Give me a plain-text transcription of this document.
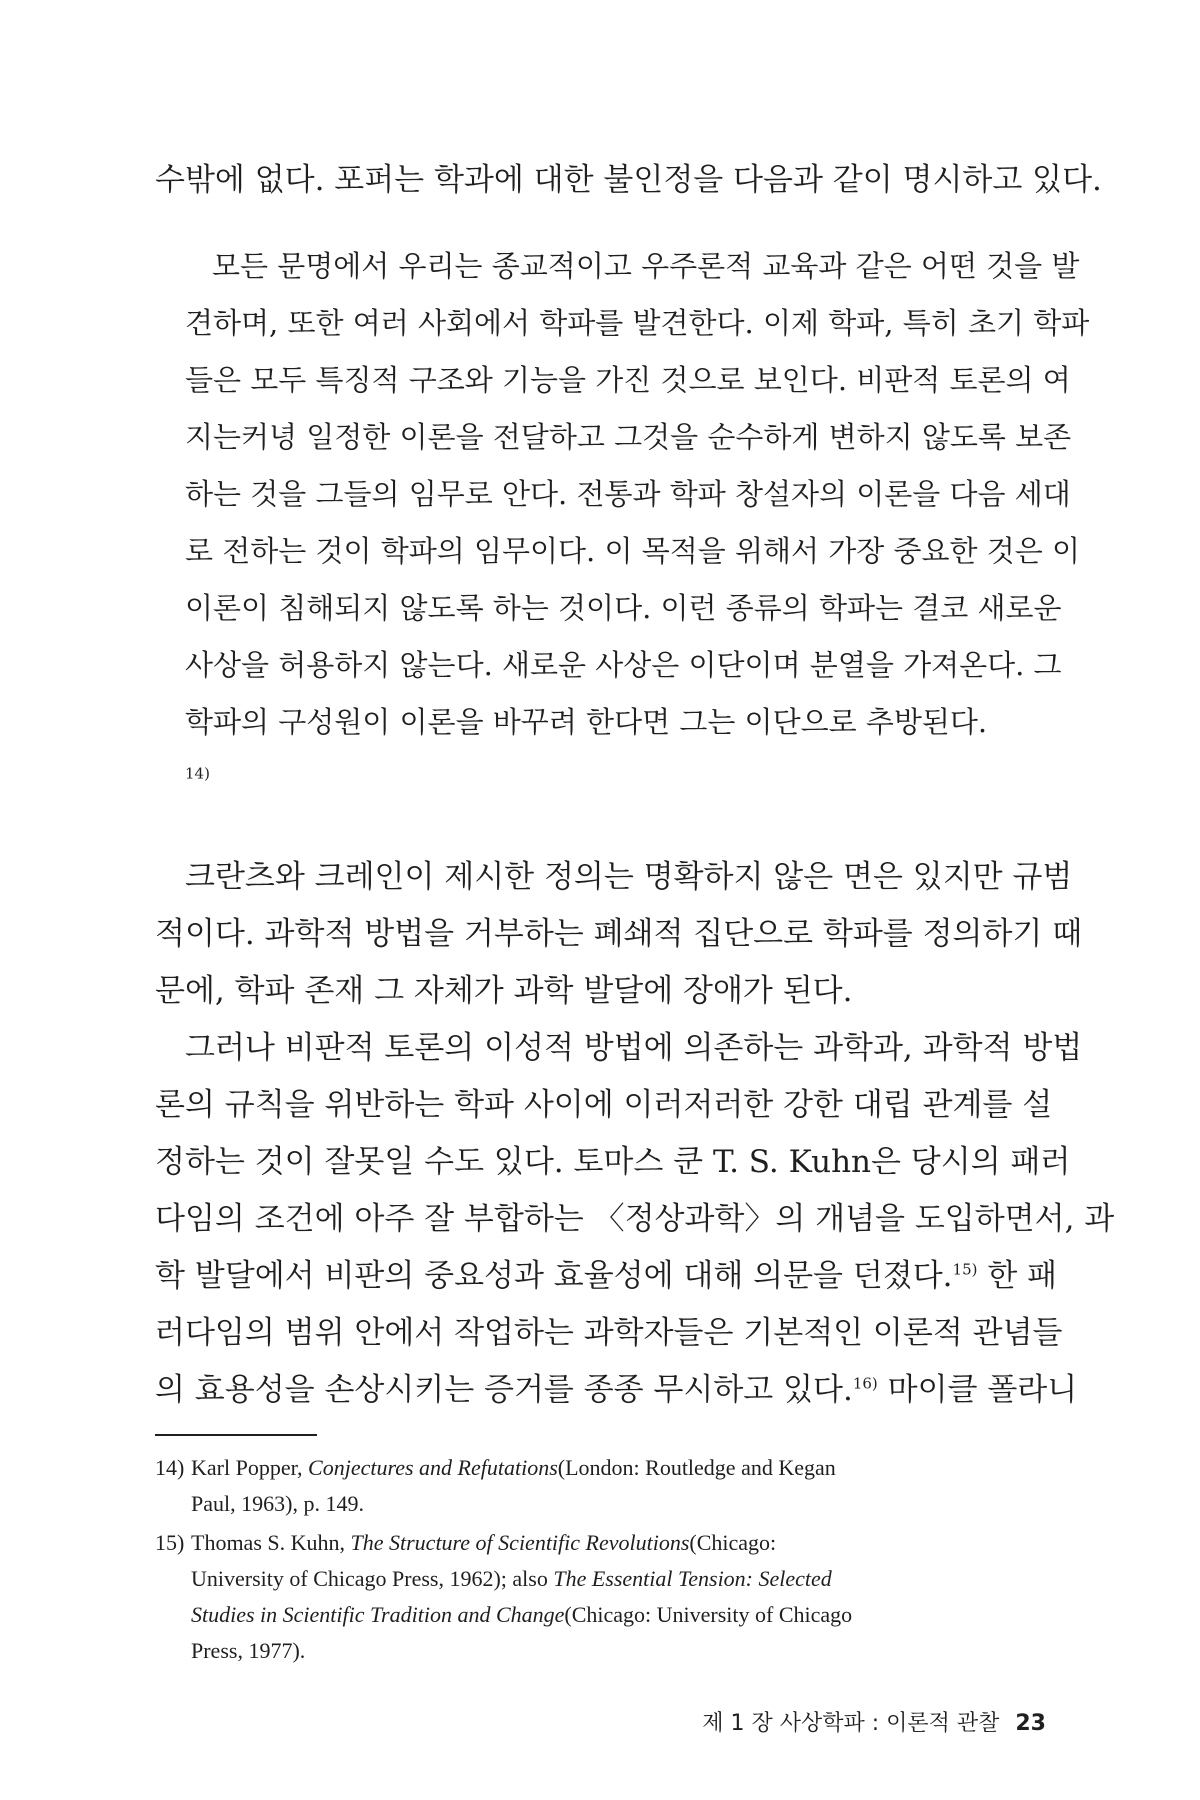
수밖에 없다. 포퍼는 학과에 대한 불인정을 다음과 같이 명시하고 있다.
모든 문명에서 우리는 종교적이고 우주론적 교육과 같은 어떤 것을 발
견하며, 또한 여러 사회에서 학파를 발견한다. 이제 학파, 특히 초기 학파
들은 모두 특징적 구조와 기능을 가진 것으로 보인다. 비판적 토론의 여
지는커녕 일정한 이론을 전달하고 그것을 순수하게 변하지 않도록 보존
하는 것을 그들의 임무로 안다. 전통과 학파 창설자의 이론을 다음 세대
로 전하는 것이 학파의 임무이다. 이 목적을 위해서 가장 중요한 것은 이
이론이 침해되지 않도록 하는 것이다. 이런 종류의 학파는 결코 새로운
사상을 허용하지 않는다. 새로운 사상은 이단이며 분열을 가져온다. 그
학파의 구성원이 이론을 바꾸려 한다면 그는 이단으로 추방된다.
$^{14)}$
크란츠와 크레인이 제시한 정의는 명확하지 않은 면은 있지만 규범
적이다. 과학적 방법을 거부하는 폐쇄적 집단으로 학파를 정의하기 때
문에, 학파 존재 그 자체가 과학 발달에 장애가 된다.
그러나 비판적 토론의 이성적 방법에 의존하는 과학과, 과학적 방법
론의 규칙을 위반하는 학파 사이에 이러저러한 강한 대립 관계를 설
정하는 것이 잘못일 수도 있다. 토마스 쿤 T. S. Kuhn은 당시의 패러
다임의 조건에 아주 잘 부합하는 〈정상과학〉의 개념을 도입하면서, 과
학 발달에서 비판의 중요성과 효율성에 대해 의문을 던졌다.$^{15)}$ 한 패
러다임의 범위 안에서 작업하는 과학자들은 기본적인 이론적 관념들
의 효용성을 손상시키는 증거를 종종 무시하고 있다.$^{16)}$ 마이클 폴라니
14) Karl Popper, Conjectures and Refutations(London: Routledge and Kegan
Paul, 1963), p. 149.
15) Thomas S. Kuhn, The Structure of Scientific Revolutions(Chicago:
University of Chicago Press, 1962); also The Essential Tension: Selected
Studies in Scientific Tradition and Change(Chicago: University of Chicago
Press, 1977).
제 1 장 사상학파 : 이론적 관찰 23
